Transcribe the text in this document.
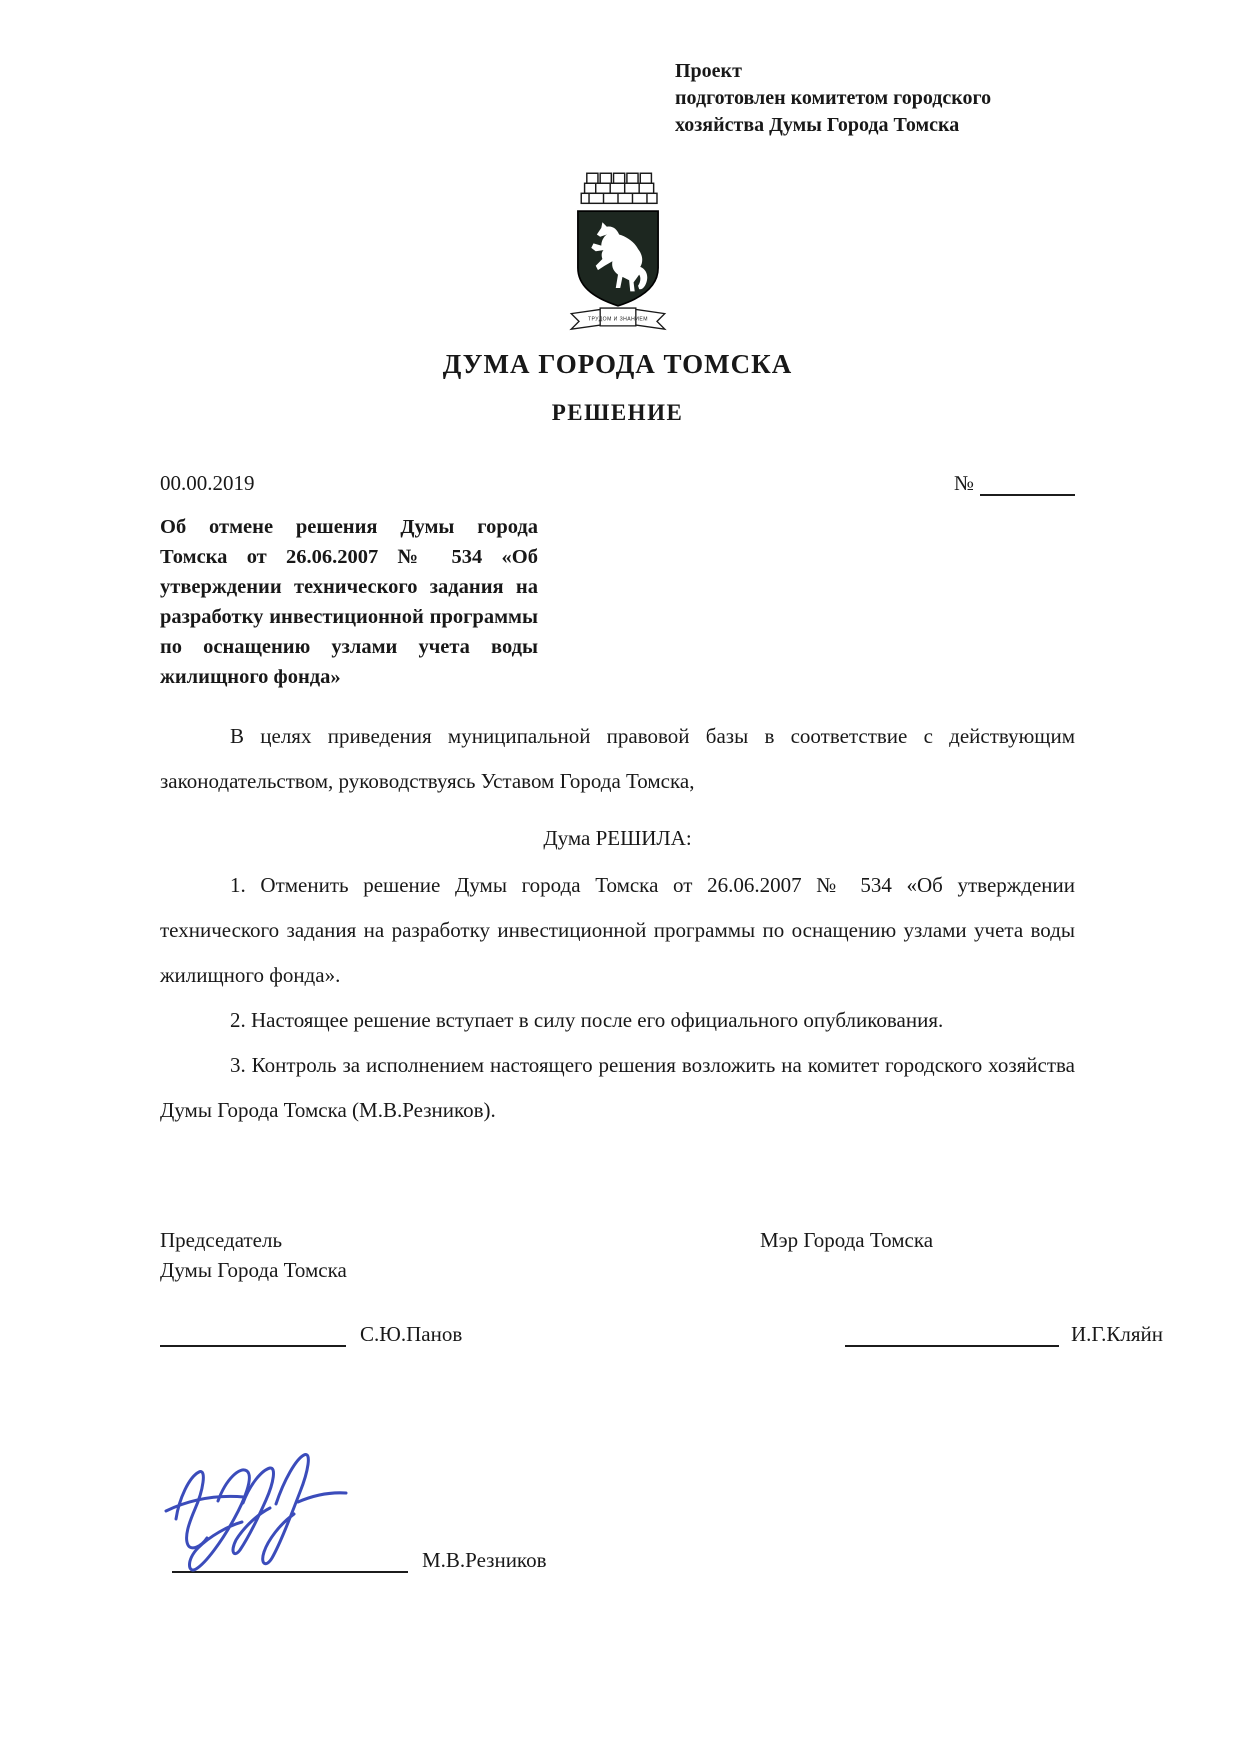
Проект
подготовлен комитетом городского
хозяйства Думы Города Томска
ТРУДОМ И ЗНАНИЕМ
ДУМА ГОРОДА ТОМСКА
РЕШЕНИЕ
00.00.2019	№
Об отмене решения Думы города Томска от 26.06.2007 № 534 «Об утверждении технического задания на разработку инвестиционной программы по оснащению узлами учета воды жилищного фонда»

В целях приведения муниципальной правовой базы в соответствие с действующим законодательством, руководствуясь Уставом Города Томска,

Дума РЕШИЛА:

1. Отменить решение Думы города Томска от 26.06.2007 № 534 «Об утверждении технического задания на разработку инвестиционной программы по оснащению узлами учета воды жилищного фонда».

2. Настоящее решение вступает в силу после его официального опубликования.

3. Контроль за исполнением настоящего решения возложить на комитет городского хозяйства Думы Города Томска (М.В.Резников).

Председатель
Думы Города Томска
Мэр Города Томска
С.Ю.Панов	И.Г.Кляйн
М.В.Резников
